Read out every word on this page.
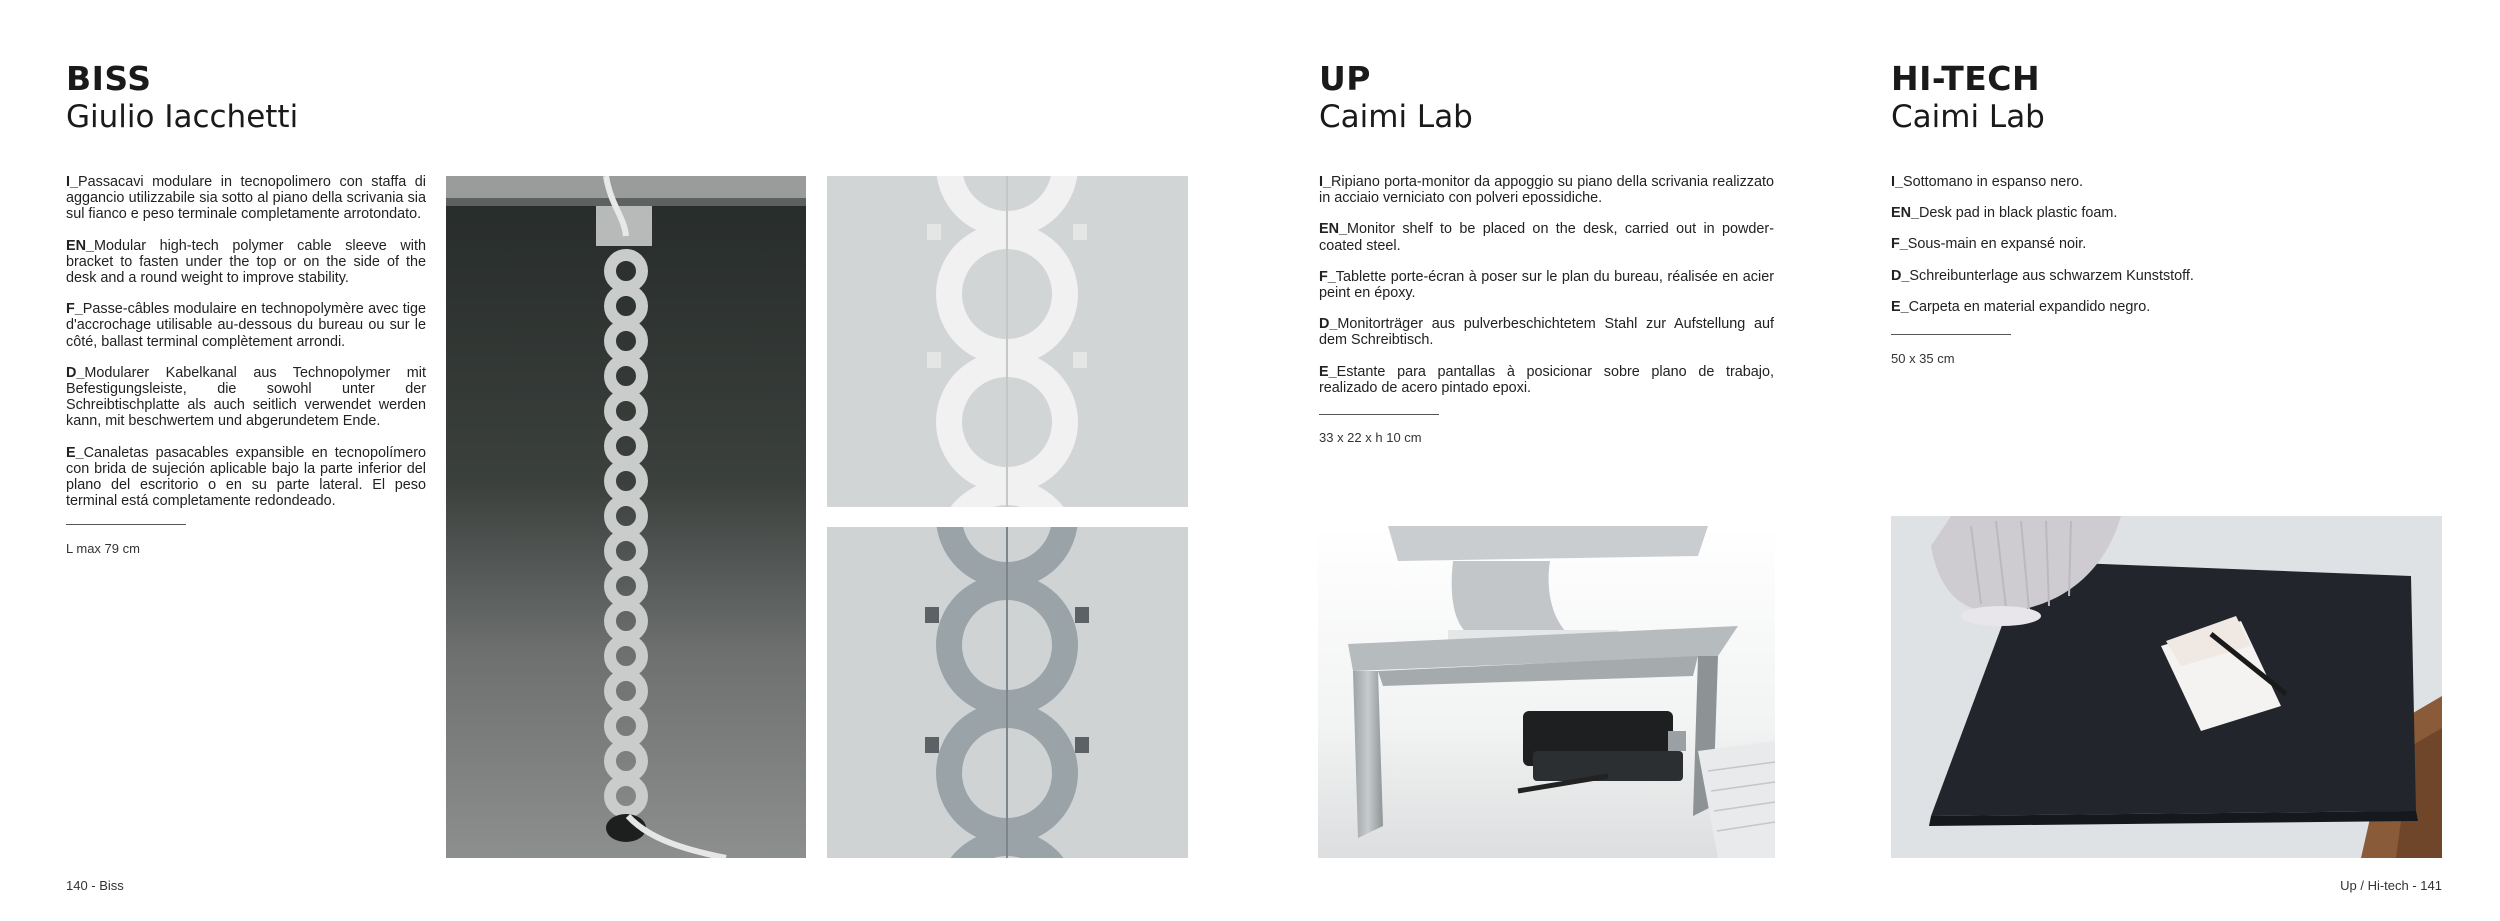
BISS
Giulio Iacchetti

I_Passacavi modulare in tecnopolimero con staffa di aggancio utilizzabile sia sotto al piano della scrivania sia sul fianco e peso terminale completamente arrotondato.

EN_Modular high-tech polymer cable sleeve with bracket to fasten under the top or on the side of the desk and a round weight to improve stability.

F_Passe-câbles modulaire en technopolymère avec tige d'accrochage utilisable au-dessous du bureau ou sur le côté, ballast terminal complètement arrondi.

D_Modularer Kabelkanal aus Technopolymer mit Befestigungsleiste, die sowohl unter der Schreibtischplatte als auch seitlich verwendet werden kann, mit beschwertem und abgerundetem Ende.

E_Canaletas pasacables expansible en tecnopolímero con brida de sujeción aplicable bajo la parte inferior del plano del escritorio o en su parte lateral. El peso terminal está completamente redondeado.

L max 79 cm
140 - Biss
UP
Caimi Lab

I_Ripiano porta-monitor da appoggio su piano della scrivania realizzato in acciaio verniciato con polveri epossidiche.

EN_Monitor shelf to be placed on the desk, carried out in powder-coated steel.

F_Tablette porte-écran à poser sur le plan du bureau, réalisée en acier peint en époxy.

D_Monitorträger aus pulverbeschichtetem Stahl zur Aufstellung auf dem Schreibtisch.

E_Estante para pantallas à posicionar sobre plano de trabajo, realizado de acero pintado epoxi.

33 x 22 x h 10 cm
HI-TECH
Caimi Lab

I_Sottomano in espanso nero.

EN_Desk pad in black plastic foam.

F_Sous-main en expansé noir.

D_Schreibunterlage aus schwarzem Kunststoff.

E_Carpeta en material expandido negro.

50 x 35 cm
Up / Hi-tech - 141
